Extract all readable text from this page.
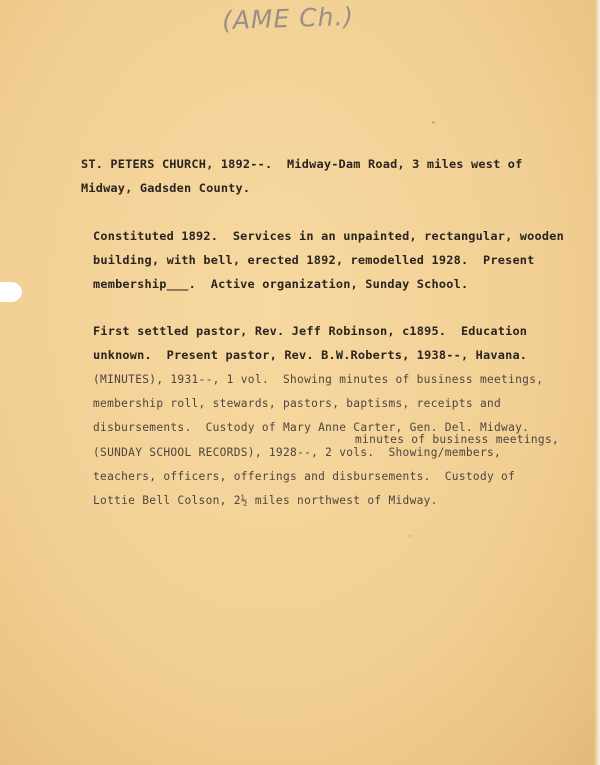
(AME Ch.)
ST. PETERS CHURCH, 1892--.  Midway-Dam Road, 3 miles west of
Midway, Gadsden County.
Constituted 1892.  Services in an unpainted, rectangular, wooden
building, with bell, erected 1892, remodelled 1928.  Present
membership___.  Active organization, Sunday School.
First settled pastor, Rev. Jeff Robinson, c1895.  Education
unknown.  Present pastor, Rev. B.W.Roberts, 1938--, Havana.
(MINUTES), 1931--, 1 vol.  Showing minutes of business meetings,
membership roll, stewards, pastors, baptisms, receipts and
disbursements.  Custody of Mary Anne Carter, Gen. Del. Midway.
minutes of business meetings,
(SUNDAY SCHOOL RECORDS), 1928--, 2 vols.  Showing/members,
teachers, officers, offerings and disbursements.  Custody of
Lottie Bell Colson, 2½ miles northwest of Midway.
